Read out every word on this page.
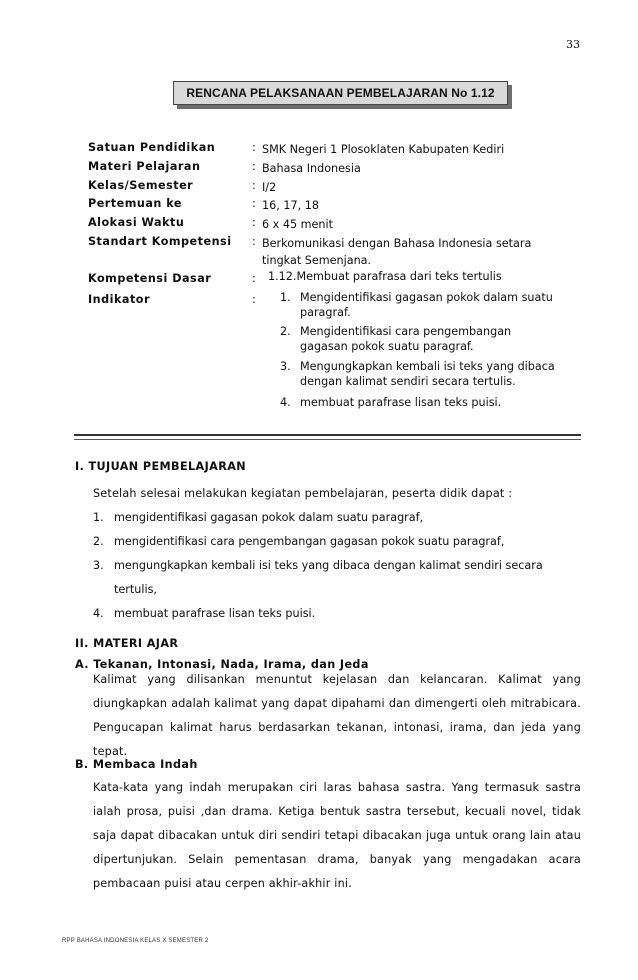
33
RENCANA PELAKSANAAN PEMBELAJARAN No 1.12
Satuan Pendidikan	: SMK Negeri 1 Plosoklaten Kabupaten Kediri
Materi Pelajaran	: Bahasa Indonesia
Kelas/Semester	: I/2
Pertemuan ke	: 16, 17, 18
Alokasi Waktu	: 6 x 45 menit
Standart Kompetensi : Berkomunikasi dengan Bahasa Indonesia setara
tingkat Semenjana.
Kompetensi Dasar	: 1.12.Membuat parafrasa dari teks tertulis
Indikator	: 1. Mengidentifikasi gagasan pokok dalam suatu
paragraf.
2. Mengidentifikasi cara pengembangan
gagasan pokok suatu paragraf.
3. Mengungkapkan kembali isi teks yang dibaca
dengan kalimat sendiri secara tertulis.
4. membuat parafrase lisan teks puisi.
I. TUJUAN PEMBELAJARAN
Setelah selesai melakukan kegiatan pembelajaran, peserta didik dapat :
1. mengidentifikasi gagasan pokok dalam suatu paragraf,
2. mengidentifikasi cara pengembangan gagasan pokok suatu paragraf,
3. mengungkapkan kembali isi teks yang dibaca dengan kalimat sendiri secara
tertulis,
4. membuat parafrase lisan teks puisi.
II. MATERI AJAR
A. Tekanan, Intonasi, Nada, Irama, dan Jeda
Kalimat yang dilisankan menuntut kejelasan dan kelancaran. Kalimat yang
diungkapkan adalah kalimat yang dapat dipahami dan dimengerti oleh mitrabicara.
Pengucapan kalimat harus berdasarkan tekanan, intonasi, irama, dan jeda yang
tepat.
B. Membaca Indah
Kata-kata yang indah merupakan ciri laras bahasa sastra. Yang termasuk sastra
ialah prosa, puisi ,dan drama. Ketiga bentuk sastra tersebut, kecuali novel, tidak
saja dapat dibacakan untuk diri sendiri tetapi dibacakan juga untuk orang lain atau
dipertunjukan. Selain pementasan drama, banyak yang mengadakan acara
pembacaan puisi atau cerpen akhir-akhir ini.
RPP BAHASA INDONESIA KELAS X SEMESTER 2
